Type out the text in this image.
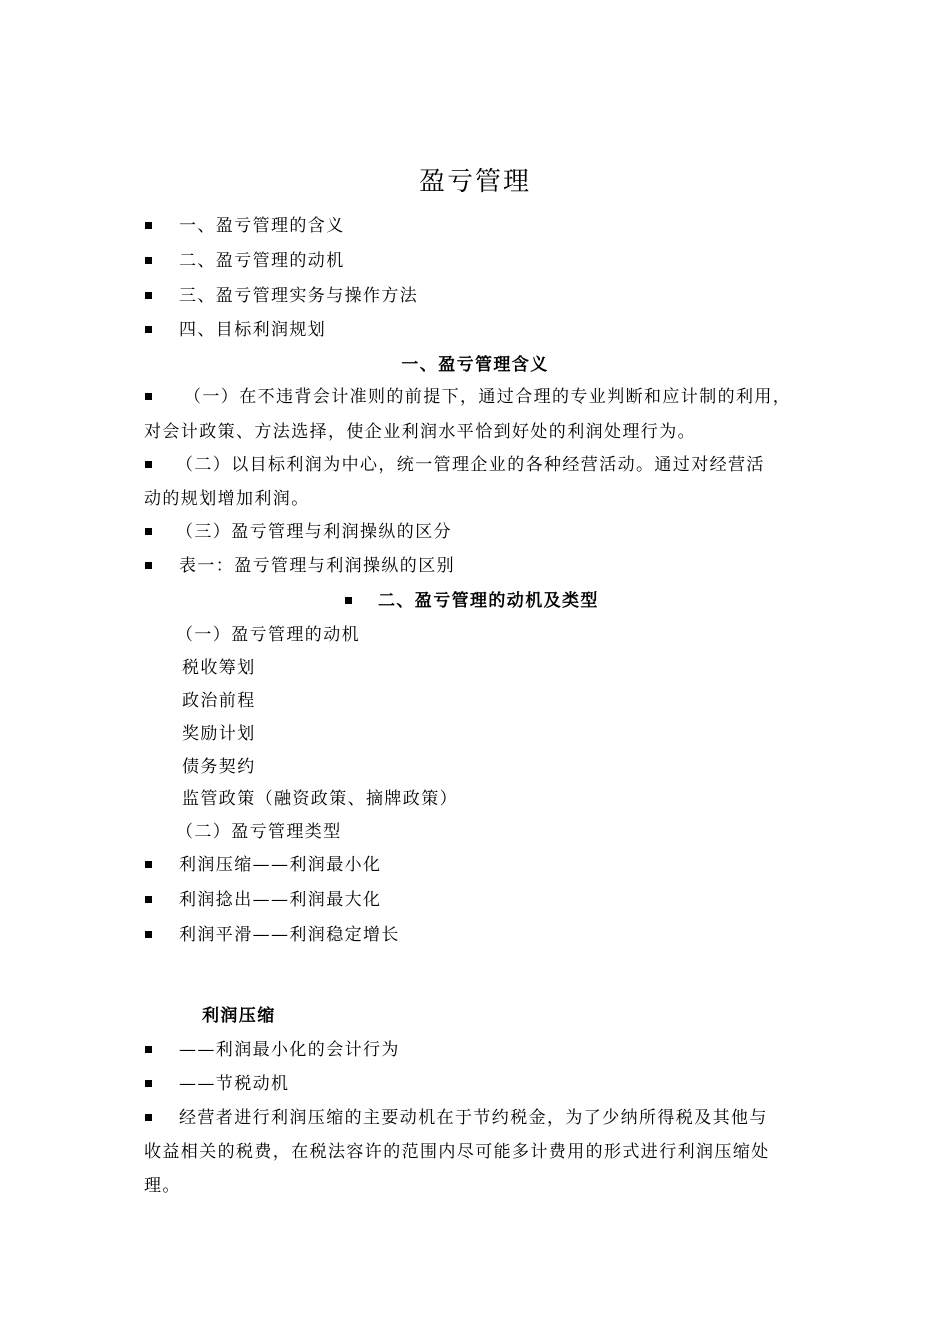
盈亏管理
一、盈亏管理的含义
二、盈亏管理的动机
三、盈亏管理实务与操作方法
四、目标利润规划
一、盈亏管理含义
（一）在不违背会计准则的前提下，通过合理的专业判断和应计制的利用，
对会计政策、方法选择，使企业利润水平恰到好处的利润处理行为。
（二）以目标利润为中心，统一管理企业的各种经营活动。通过对经营活
动的规划增加利润。
（三）盈亏管理与利润操纵的区分
表一：盈亏管理与利润操纵的区别
二、盈亏管理的动机及类型
（一）盈亏管理的动机
税收筹划
政治前程
奖励计划
债务契约
监管政策（融资政策、摘牌政策）
（二）盈亏管理类型
利润压缩——利润最小化
利润捻出——利润最大化
利润平滑——利润稳定增长
利润压缩
——利润最小化的会计行为
——节税动机
经营者进行利润压缩的主要动机在于节约税金，为了少纳所得税及其他与
收益相关的税费，在税法容许的范围内尽可能多计费用的形式进行利润压缩处
理。
